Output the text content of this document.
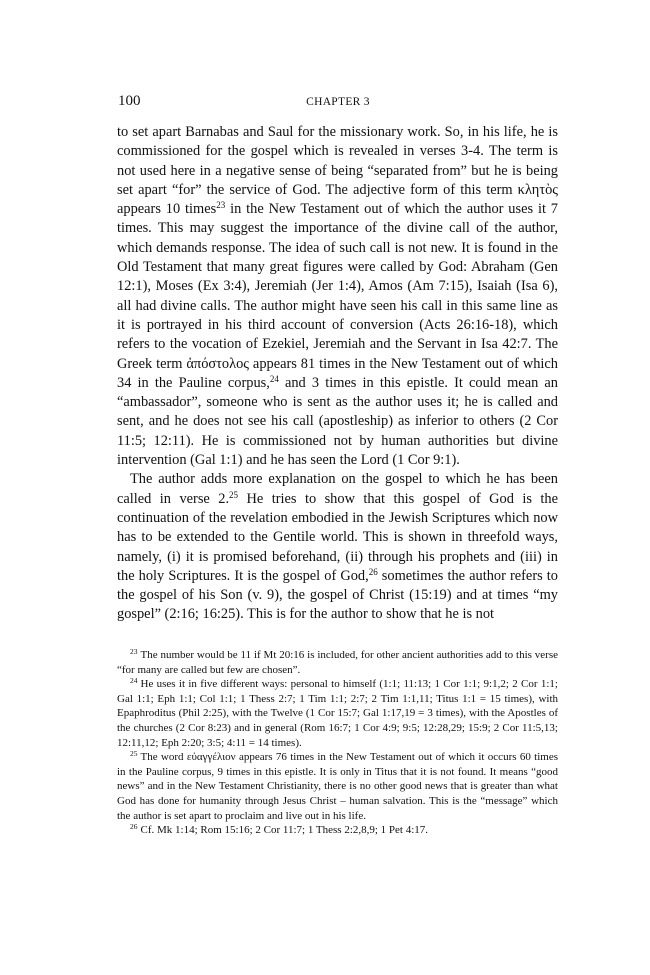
100	CHAPTER 3

to set apart Barnabas and Saul for the missionary work. So, in his life, he is commissioned for the gospel which is revealed in verses 3-4. The term is not used here in a negative sense of being “separated from” but he is being set apart “for” the service of God. The adjective form of this term κλητὸς appears 10 times$^{23}$ in the New Testament out of which the author uses it 7 times. This may suggest the importance of the divine call of the author, which demands response. The idea of such call is not new. It is found in the Old Testament that many great figures were called by God: Abraham (Gen 12:1), Moses (Ex 3:4), Jeremiah (Jer 1:4), Amos (Am 7:15), Isaiah (Isa 6), all had divine calls. The author might have seen his call in this same line as it is portrayed in his third account of conversion (Acts 26:16-18), which refers to the vocation of Ezekiel, Jeremiah and the Servant in Isa 42:7. The Greek term ἀπόστολος appears 81 times in the New Testament out of which 34 in the Pauline corpus,$^{24}$ and 3 times in this epistle. It could mean an “ambassador”, someone who is sent as the author uses it; he is called and sent, and he does not see his call (apostleship) as inferior to others (2 Cor 11:5; 12:11). He is commissioned not by human authorities but divine intervention (Gal 1:1) and he has seen the Lord (1 Cor 9:1).

The author adds more explanation on the gospel to which he has been called in verse 2.25 He tries to show that this gospel of God is the continuation of the revelation embodied in the Jewish Scriptures which now has to be extended to the Gentile world. This is shown in threefold ways, namely, (i) it is promised beforehand, (ii) through his prophets and (iii) in the holy Scriptures. It is the gospel of God,$^{26}$ sometimes the author refers to the gospel of his Son (v. 9), the gospel of Christ (15:19) and at times “my gospel” (2:16; 16:25). This is for the author to show that he is not

$^{23}$ The number would be 11 if Mt 20:16 is included, for other ancient authorities add to this verse “for many are called but few are chosen”.

$^{24}$ He uses it in five different ways: personal to himself (1:1; 11:13; 1 Cor 1:1; 9:1,2; 2 Cor 1:1; Gal 1:1; Eph 1:1; Col 1:1; 1 Thess 2:7; 1 Tim 1:1; 2:7; 2 Tim 1:1,11; Titus 1:1 = 15 times), with Epaphroditus (Phil 2:25), with the Twelve (1 Cor 15:7; Gal 1:17,19 = 3 times), with the Apostles of the churches (2 Cor 8:23) and in general (Rom 16:7; 1 Cor 4:9; 9:5; 12:28,29; 15:9; 2 Cor 11:5,13; 12:11,12; Eph 2:20; 3:5; 4:11 = 14 times).

$^{25}$ The word εὐαγγέλιον appears 76 times in the New Testament out of which it occurs 60 times in the Pauline corpus, 9 times in this epistle. It is only in Titus that it is not found. It means “good news” and in the New Testament Christianity, there is no other good news that is greater than what God has done for humanity through Jesus Christ – human salvation. This is the “message” which the author is set apart to proclaim and live out in his life.

$^{26}$ Cf. Mk 1:14; Rom 15:16; 2 Cor 11:7; 1 Thess 2:2,8,9; 1 Pet 4:17.
